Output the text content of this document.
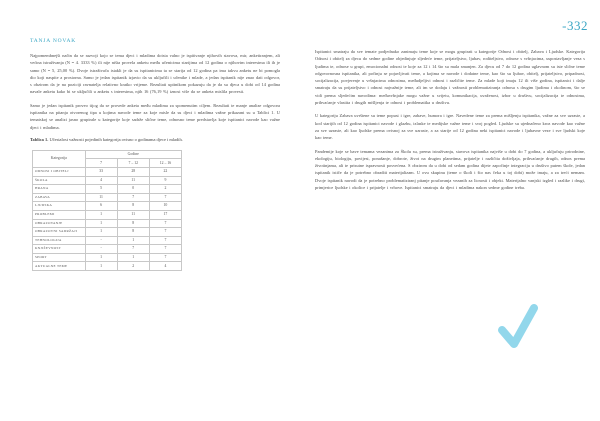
-332
TANJA NOVAK

Najpomembnejši način da se razvoji kojo se tema djeci i mladima doista valno je ispitivanje njihovih stavova, mir, anketiranjem, ali većina istraživanja (N = 4. 3333 %) ili nije ništa provela anketu među učenicima starijima od 12 godina o njihovim interesima ili ih je samo (N = 5, 25,00 %). Dvoje istraživača istakli je da su ispitanicima ta se starija od 12 godina pa ima takvu anketu ne bi pomogla dio koji naspite a prostorna. Samo je jedan ispitanik izjavio da su uključili i učenike i mlade, a jedan ispitanik nije znao dati odgovor, s obzirom da je na poziciji ravnatelja relativno kratko vrijeme. Rezultati upitnikom pokazuju da je da su djeca u dobi od 14 godina navale anketu kako bi se uključili u anketu s interesima, njih 16 (76,19 %) iznosi više da se anketa mislila provesti.

Samo je jedan ispitanik proveo tijog da se provede anketa među mladima za spomenutim ciljem. Rezultati te manje analize odgovora ispitanika na pitanja otvorenog tipa u kojima navode teme za koje misle da su djeci i mladima važne prikazani su u Tablici 1. U tematskoj se analizi jasno grupirale u kategorije koje sadrže slične teme, odnosno teme predstavlja koje ispitanici navode kao važne djeci i mladima.

Tablica 1. Učestalost važnosti pojedinih kategorija ovisno o godinama djece i mladih.
Kategorija	Godine		
	7	7 – 12	12 – 16
ODNOSI I OBITELJ	33	28	22
ŠKOLA	4	11	9
HRANA	5	0	2
ZABAVA	11	7	7
LJUDSKA	6	8	10
PROBLEMI	1	11	17
OBRAZOVANJE	1	8	7
OBRAZOVNI SADRŽAJI	1	8	7
TEHNOLOGIJA	-	1	7
KNJIŽEVNOST	-	7	7
SPORT	1	1	7
AKTUALNE TEME	1	2	4

Ispitanici smatraju da sve temate podjednako zanimaju teme koje se mogu grupirati u kategorije Odnosi i obitelj, Zabava i Ljudske. Kategorija Odnosi i obitelj za djecu do sedme godine objedinjuje sljedeće teme, prijateljstvo, ljubav, roditeljstvo, odnose s vršnjacima, uspostavljanje veza s ljudima te, odnose u grupi, emocionalni odnosi te koje za 12 i 14 što su mala smanjen. Za djecu od 7 do 12 godina uglavnom su iste slične teme odgovornosna ispitanika, ali počinju se pojavljivati teme, a kojima se navode i dodatne teme, kao što su ljubav, obitelj, prijateljstvo, pripadnost, socijalizacija, povjerenje u vršnjacima odnosima, međudjeljivi odnosi i različite teme. Za mlade koji imaju 12 ili više godina, ispitanici i dalje smatraju da su prijateljstvo i odnosi najvažnije teme, ali im se dodaju i važnosti problematiziranja odnosa s drugim ljudima i okolinom, što se vidi prema sljedećim navodima: međuvršnjake mogu važne u svijetu, komunikacija, uvaženost, izbor u društvu, socijalizacija te odnosima, prihvaćanje vlastita i drugih mišljenja te odnosi i problematika u društvu.

U kategoriju Zabava uvrštene su teme popust i igre, zabave, humora i igre. Navedene teme za prema mišljenju ispitanika, važne za sve uzraste, a kod starijih od 12 godina ispitanici navode i glazbu, izlaske te medijske važne teme i svoj pogled. Ljudske su ujednačeno kroz navode kao važne za sve uzraste, ali kao ljudske prema ovisnoj za sve uzraste, a za starije od 12 godina neki ispitanici navode i ljubavne veze i sve ljudski koje kao teme.

Pandemije koje se bave temama vezanima za Školu su, prema istraživanju, stavova ispitanika najviše u dobi do 7 godina, a uključuju prirodnine, ekologiju, biologiju, povijest, ponašanje, dobrote, život na drugim planetima, prijatelje i različita doživljaja, prihvaćanje drugih, odnos prema životinjama, ali te prisutne ispravnosti posvećena. S obzirom da u dobi od sedam godina dijete započinje integraciju u društvo putem škole, jedan ispitanik ističe da je potrebno obraditi materijalizam. U ovu skupinu (teme o školi i što nas čeka u toj dobi) može imaju, a za treći nemam. Dvoje ispitanik navodi da je potrebno problematiziranj pitanje poučavanja vezanih za licnosti i objekt. Materijalno vanjski izgled i razlike i drugi, primjerice ljudske i okolice i prijatelje i vrhove. Ispitanici smatraju da djeci i mladima nakon sedme godine treba.
